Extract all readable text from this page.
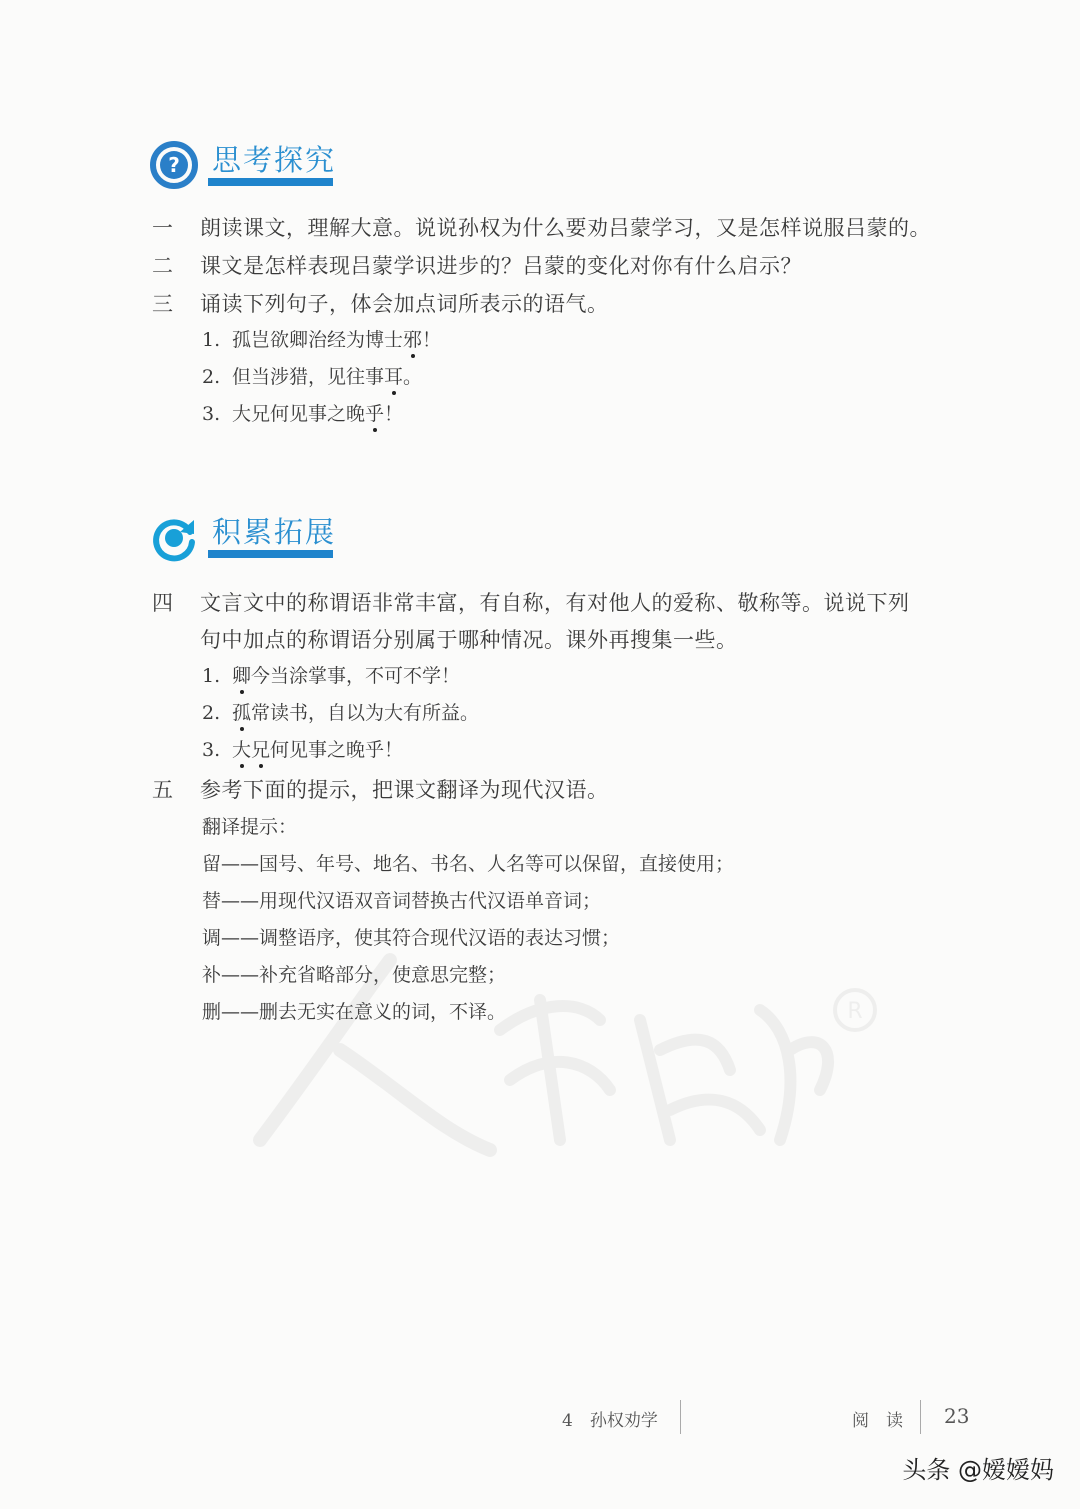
? 思考探究
一 朗读课文，理解大意。说说孙权为什么要劝吕蒙学习，又是怎样说服吕蒙的。
二 课文是怎样表现吕蒙学识进步的？吕蒙的变化对你有什么启示？
三 诵读下列句子，体会加点词所表示的语气。
1. 孤岂欲卿治经为博士邪
！
2. 但当涉猎，见往事耳
。
3. 大兄何见事之晚乎
！
积累拓展
四 文言文中的称谓语非常丰富，有自称，有对他人的爱称、敬称等。说说下列
句中加点的称谓语分别属于哪种情况。课外再搜集一些。
1. 卿
今当涂掌事，不可不学！
2. 孤
常读书，自以为大有所益。
3. 大兄
何见事之晚乎！
五 参考下面的提示，把课文翻译为现代汉语。
翻译提示：
留——国号、年号、地名、书名、人名等可以保留，直接使用；
替——用现代汉语双音词替换古代汉语单音词；
调——调整语序，使其符合现代汉语的表达习惯；
补——补充省略部分，使意思完整；
删——删去无实在意义的词，不译。	R
4　孙权劝学	阅　读 23
头条 @嫒嫒妈
